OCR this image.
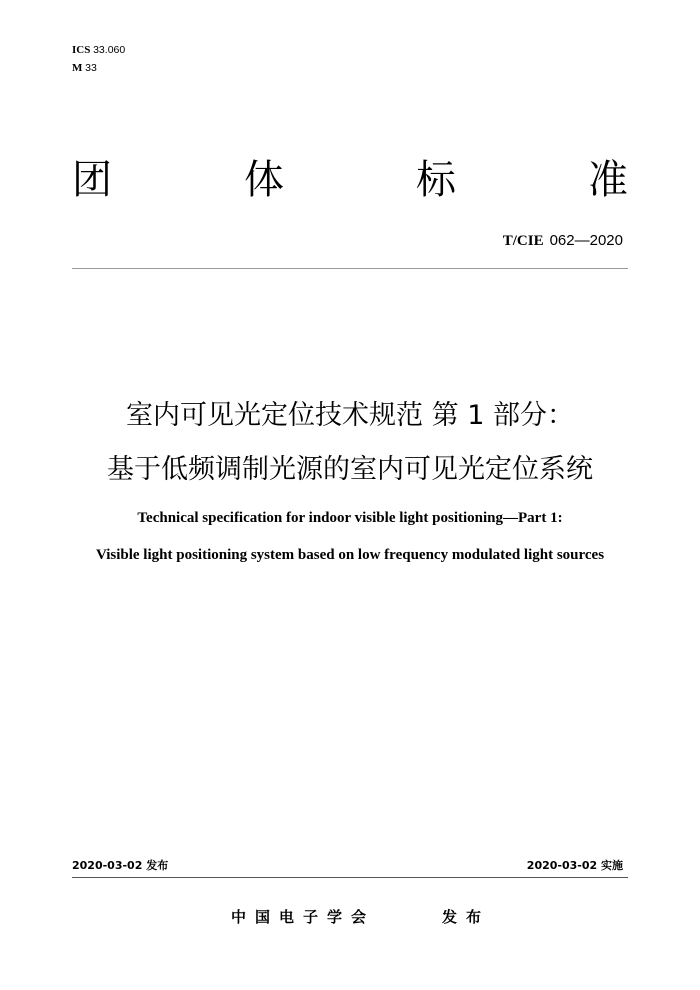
ICS 33.060
M 33
团	体	标	准
T/CIE 062—2020
室内可见光定位技术规范 第 1 部分：
基于低频调制光源的室内可见光定位系统
Technical specification for indoor visible light positioning—Part 1:
Visible light positioning system based on low frequency modulated light sources
2020-03-02 发布	2020-03-02 实施
中国电子学会	发布
